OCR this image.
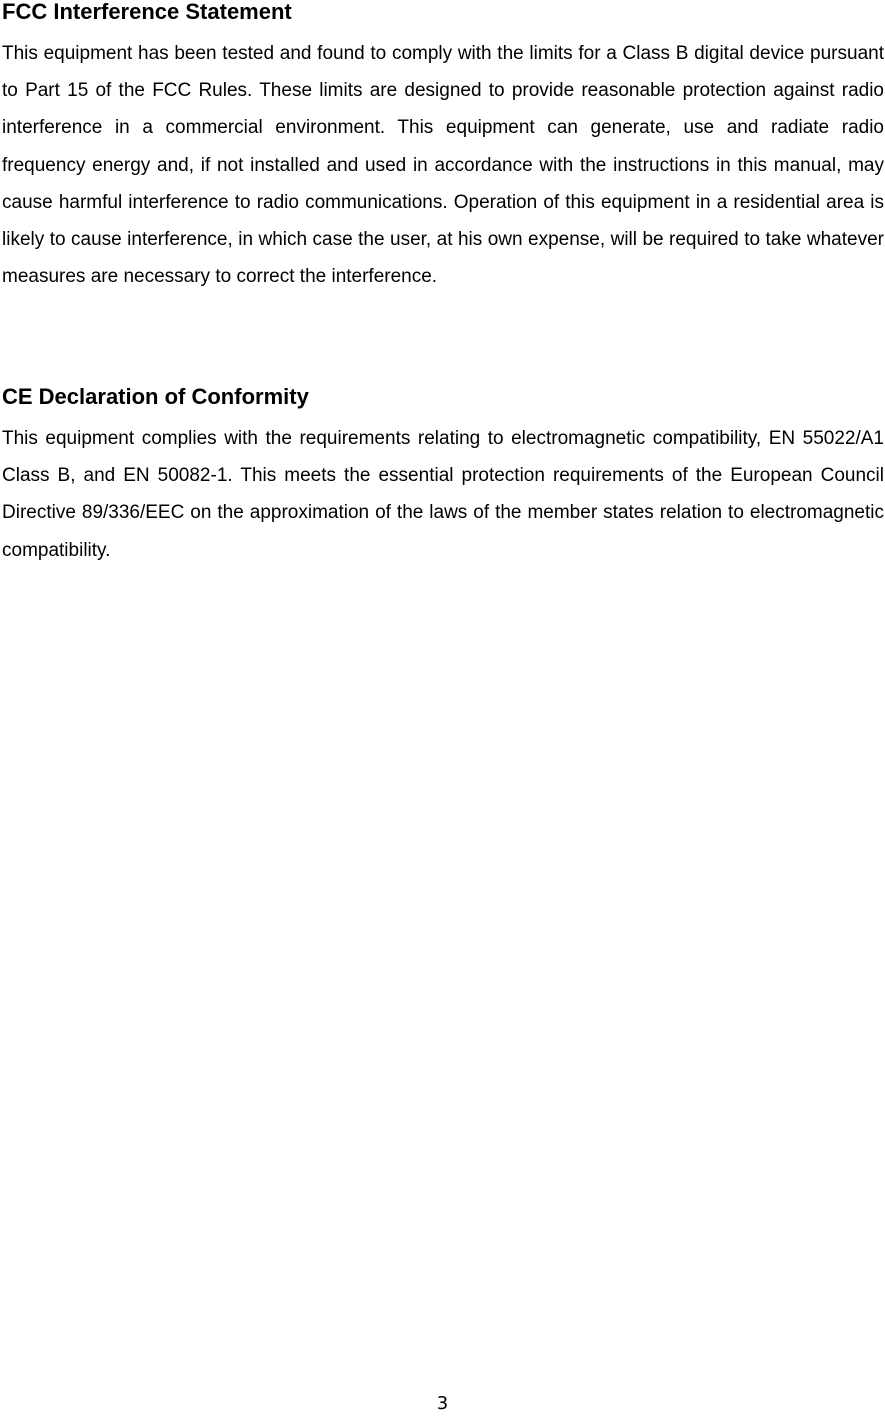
FCC Interference Statement

This equipment has been tested and found to comply with the limits for a Class B digital device pursuant to Part 15 of the FCC Rules. These limits are designed to provide reasonable protection against radio interference in a commercial environment. This equipment can generate, use and radiate radio frequency energy and, if not installed and used in accordance with the instructions in this manual, may cause harmful interference to radio communications. Operation of this equipment in a residential area is likely to cause interference, in which case the user, at his own expense, will be required to take whatever measures are necessary to correct the interference.

CE Declaration of Conformity

This equipment complies with the requirements relating to electromagnetic compatibility, EN 55022/A1 Class B, and EN 50082-1. This meets the essential protection requirements of the European Council Directive 89/336/EEC on the approximation of the laws of the member states relation to electromagnetic compatibility.

3
